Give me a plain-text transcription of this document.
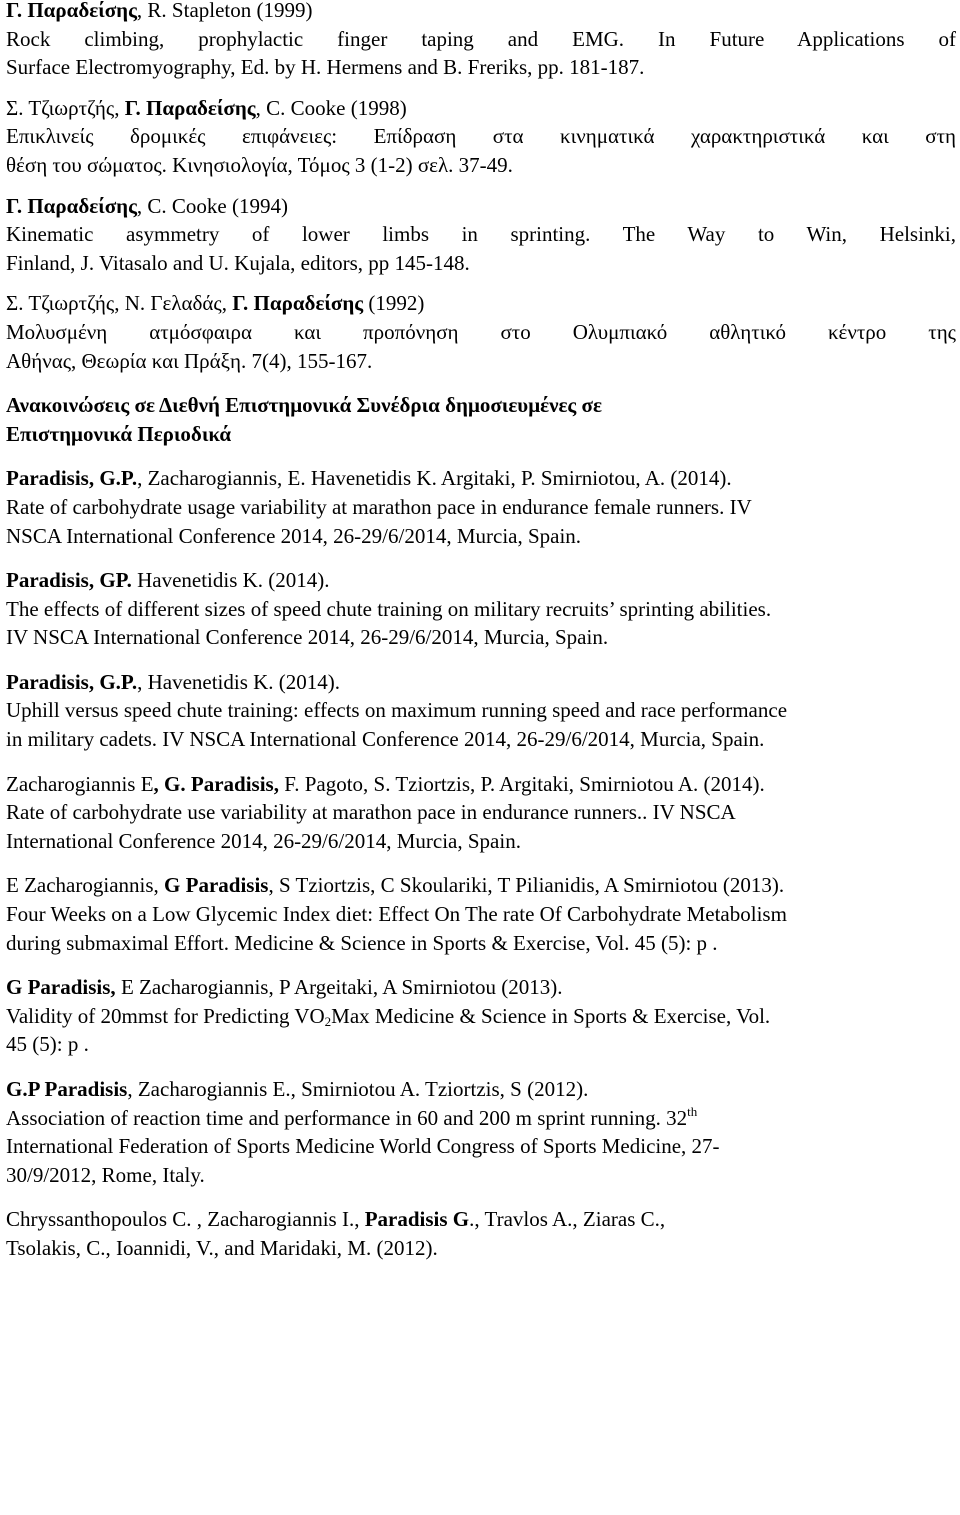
Γ. Παραδείσης, R. Stapleton (1999)
Rock climbing, prophylactic finger taping and EMG. In Future Applications of
Surface Electromyography, Ed. by H. Hermens and B. Freriks, pp. 181-187.
Σ. Τζιωρτζής, Γ. Παραδείσης, C. Cooke (1998)
Επικλινείς δρομικές επιφάνειες: Επίδραση στα κινηματικά χαρακτηριστικά και στη
θέση του σώματος. Κινησιολογία, Τόμος 3 (1-2) σελ. 37-49.
Γ. Παραδείσης, C. Cooke (1994)
Kinematic asymmetry of lower limbs in sprinting. The Way to Win, Helsinki,
Finland, J. Vitasalo and U. Kujala, editors, pp 145-148.
Σ. Τζιωρτζής, Ν. Γελαδάς, Γ. Παραδείσης (1992)
Μολυσμένη ατμόσφαιρα και προπόνηση στο Ολυμπιακό αθλητικό κέντρο της
Αθήνας, Θεωρία και Πράξη. 7(4), 155-167.
Ανακοινώσεις σε Διεθνή Επιστημονικά Συνέδρια δημοσιευμένες σε
Επιστημονικά Περιοδικά
Paradisis, G.P., Zacharogiannis, E. Havenetidis K. Argitaki, P. Smirniotou, A. (2014).
Rate of carbohydrate usage variability at marathon pace in endurance female runners. IV
NSCA International Conference 2014, 26-29/6/2014, Murcia, Spain.
Paradisis, GP. Havenetidis K. (2014).
The effects of different sizes of speed chute training on military recruits’ sprinting abilities.
IV NSCA International Conference 2014, 26-29/6/2014, Murcia, Spain.
Paradisis, G.P., Havenetidis K. (2014).
Uphill versus speed chute training: effects on maximum running speed and race performance
in military cadets. IV NSCA International Conference 2014, 26-29/6/2014, Murcia, Spain.
Zacharogiannis E, G. Paradisis, F. Pagoto, S. Tziortzis, P. Argitaki, Smirniotou A. (2014).
Rate of carbohydrate use variability at marathon pace in endurance runners.. IV NSCA
International Conference 2014, 26-29/6/2014, Murcia, Spain.
E Zacharogiannis, G Paradisis, S Tziortzis, C Skoulariki, T Pilianidis, A Smirniotou (2013).
Four Weeks on a Low Glycemic Index diet: Effect On The rate Of Carbohydrate Metabolism
during submaximal Effort. Medicine & Science in Sports & Exercise, Vol. 45 (5): p .
G Paradisis, E Zacharogiannis, P Argeitaki, A Smirniotou (2013).
Validity of 20mmst for Predicting $VO_2Max$ Medicine & Science in Sports & Exercise, Vol.
45 (5): p .
G.P Paradisis, Zacharogiannis E., Smirniotou A. Tziortzis, S (2012).
Association of reaction time and performance in 60 and 200 m sprint running. 32th
International Federation of Sports Medicine World Congress of Sports Medicine, 27-
30/9/2012, Rome, Italy.
Chryssanthopoulos C. , Zacharogiannis I., Paradisis G., Travlos A., Ziaras C.,
Tsolakis, C., Ioannidi, V., and Maridaki, M. (2012).
